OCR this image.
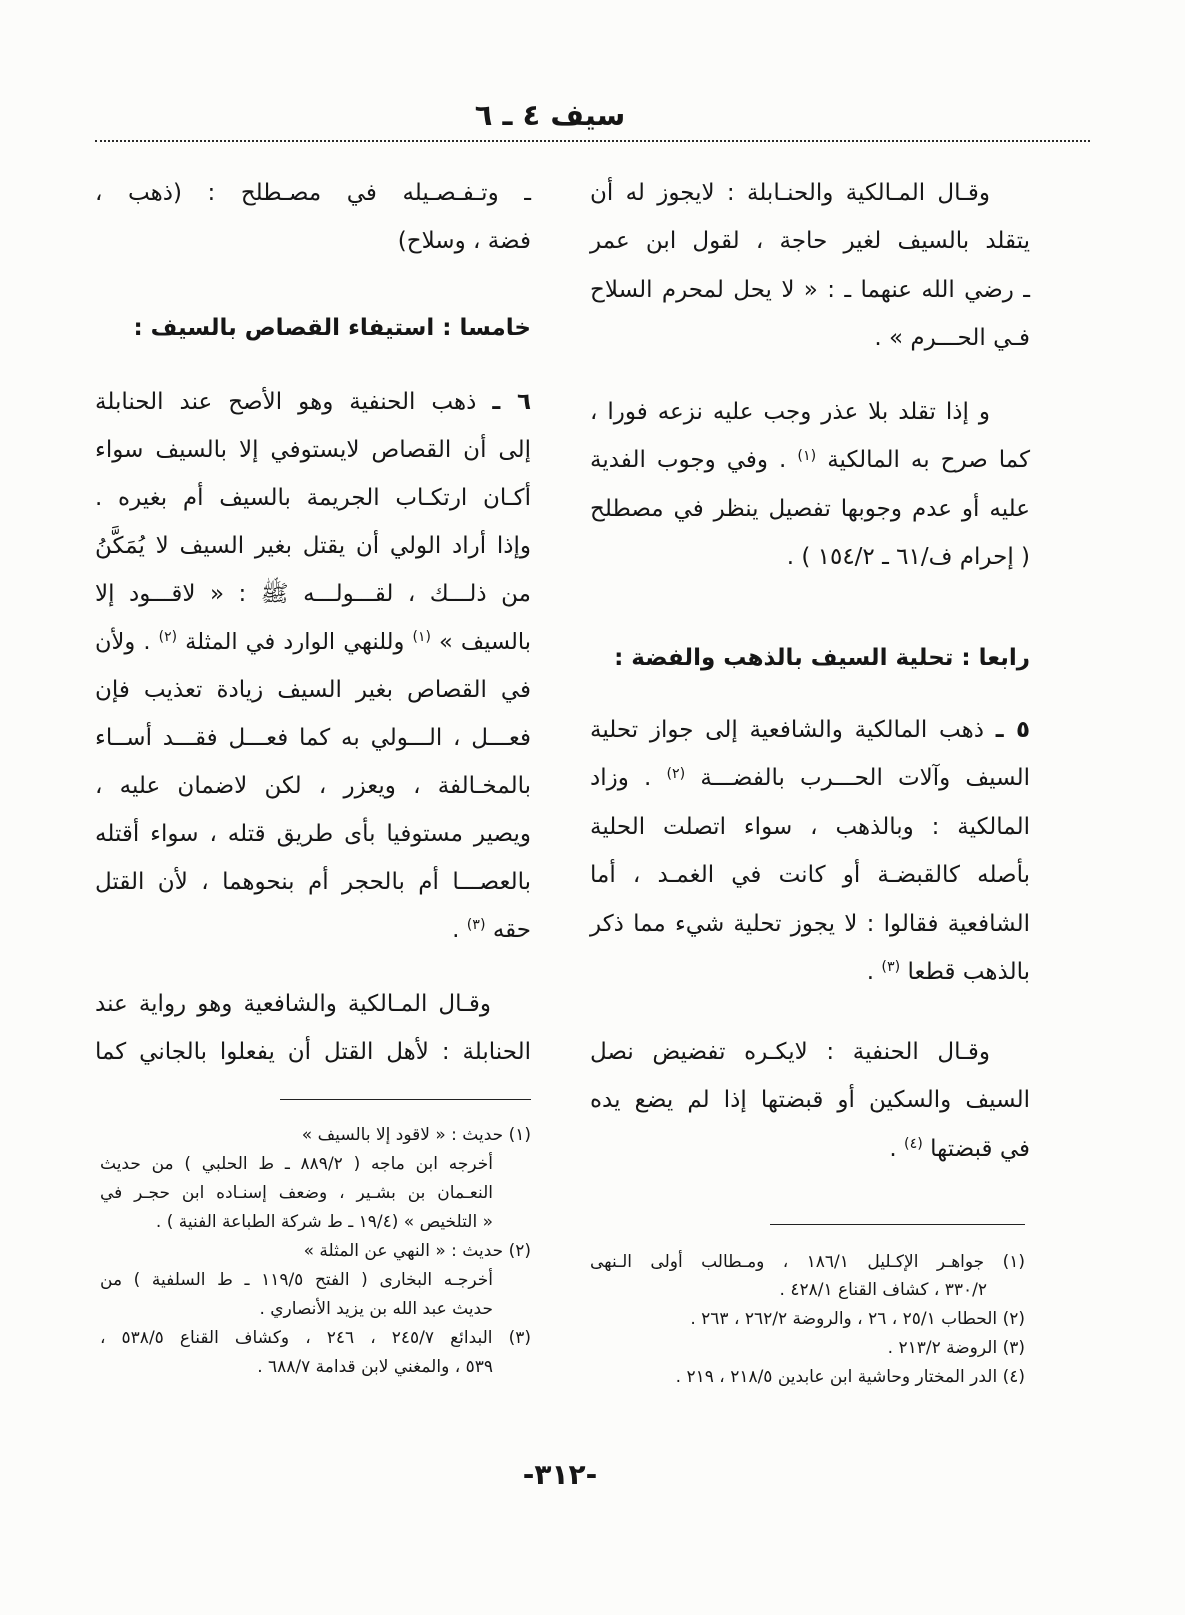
سيف ٤ ـ ٦
وقـال المـالكية والحنـابلة : لايجوز له أن
يتقلد بالسيف لغير حاجة ، لقول ابن عمر
ـ رضي الله عنهما ـ : « لا يحل لمحرم السلاح
فـي الحـــرم » .
و إذا تقلد بلا عذر وجب عليه نزعه فورا ،
كما صرح به المالكية $^{(١)}$ . وفي وجوب الفدية
عليه أو عدم وجوبها تفصيل ينظر في مصطلح
( إحرام ف/٦١ ـ ١٥٤/٢ ) .
رابعا : تحلية السيف بالذهب والفضة :
٥ ـ ذهب المالكية والشافعية إلى جواز تحلية
السيف وآلات الحـــرب بالفضـــة $^{(٢)}$ . وزاد
المالكية : وبالذهب ، سواء اتصلت الحلية
بأصله كالقبضـة أو كانت في الغمـد ، أما
الشافعية فقالوا : لا يجوز تحلية شيء مما ذكر
بالذهب قطعا $^{(٣)}$ .
وقـال الحنفية : لايكـره تفضيض نصل
السيف والسكين أو قبضتها إذا لم يضع يده
في قبضتها $^{(٤)}$ .
(١) جواهـر الإكـليل ١٨٦/١ ، ومـطالب أولى الـنهى
٣٣٠/٢ ، كشاف القناع ٤٢٨/١ .
(٢) الحطاب ٢٥/١ ، ٢٦ ، والروضة ٢٦٢/٢ ، ٢٦٣ .
(٣) الروضة ٢١٣/٢ .
(٤) الدر المختار وحاشية ابن عابدين ٢١٨/٥ ، ٢١٩ .
ـ وتـفـصـيله في مصـطلح : (ذهب ،
فضة ، وسلاح)
خامسا : استيفاء القصاص بالسيف :
٦ ـ ذهب الحنفية وهو الأصح عند الحنابلة
إلى أن القصاص لايستوفي إلا بالسيف سواء
أكـان ارتكـاب الجريمة بالسيف أم بغيره .
وإذا أراد الولي أن يقتل بغير السيف لا يُمَكَّنُ
من ذلـــك ، لقـــولـــه ﷺ : « لاقـــود إلا
بالسيف » $^{(١)}$ وللنهي الوارد في المثلة $^{(٢)}$ . ولأن
في القصاص بغير السيف زيادة تعذيب فإن
فعـــل ، الـــولي به كما فعـــل فقـــد أســاء
بالمخـالفة ، ويعزر ، لكن لاضمان عليه ،
ويصير مستوفيا بأى طريق قتله ، سواء أقتله
بالعصـــا أم بالحجر أم بنحوهما ، لأن القتل
حقه $^{(٣)}$ .
وقـال المـالكية والشافعية وهو رواية عند
الحنابلة : لأهل القتل أن يفعلوا بالجاني كما
(١) حديث : « لاقود إلا بالسيف »
أخرجه ابن ماجه ( ٨٨٩/٢ ـ ط الحلبي ) من حديث
النعـمان بن بشـير ، وضعف إسنـاده ابن حجـر في
« التلخيص » (١٩/٤ ـ ط شركة الطباعة الفنية ) .
(٢) حديث : « النهي عن المثلة »
أخرجـه البخارى ( الفتح ١١٩/٥ ـ ط السلفية ) من
حديث عبد الله بن يزيد الأنصاري .
(٣) البدائع ٢٤٥/٧ ، ٢٤٦ ، وكشاف القناع ٥٣٨/٥ ،
٥٣٩ ، والمغني لابن قدامة ٦٨٨/٧ .
-٣١٢-
